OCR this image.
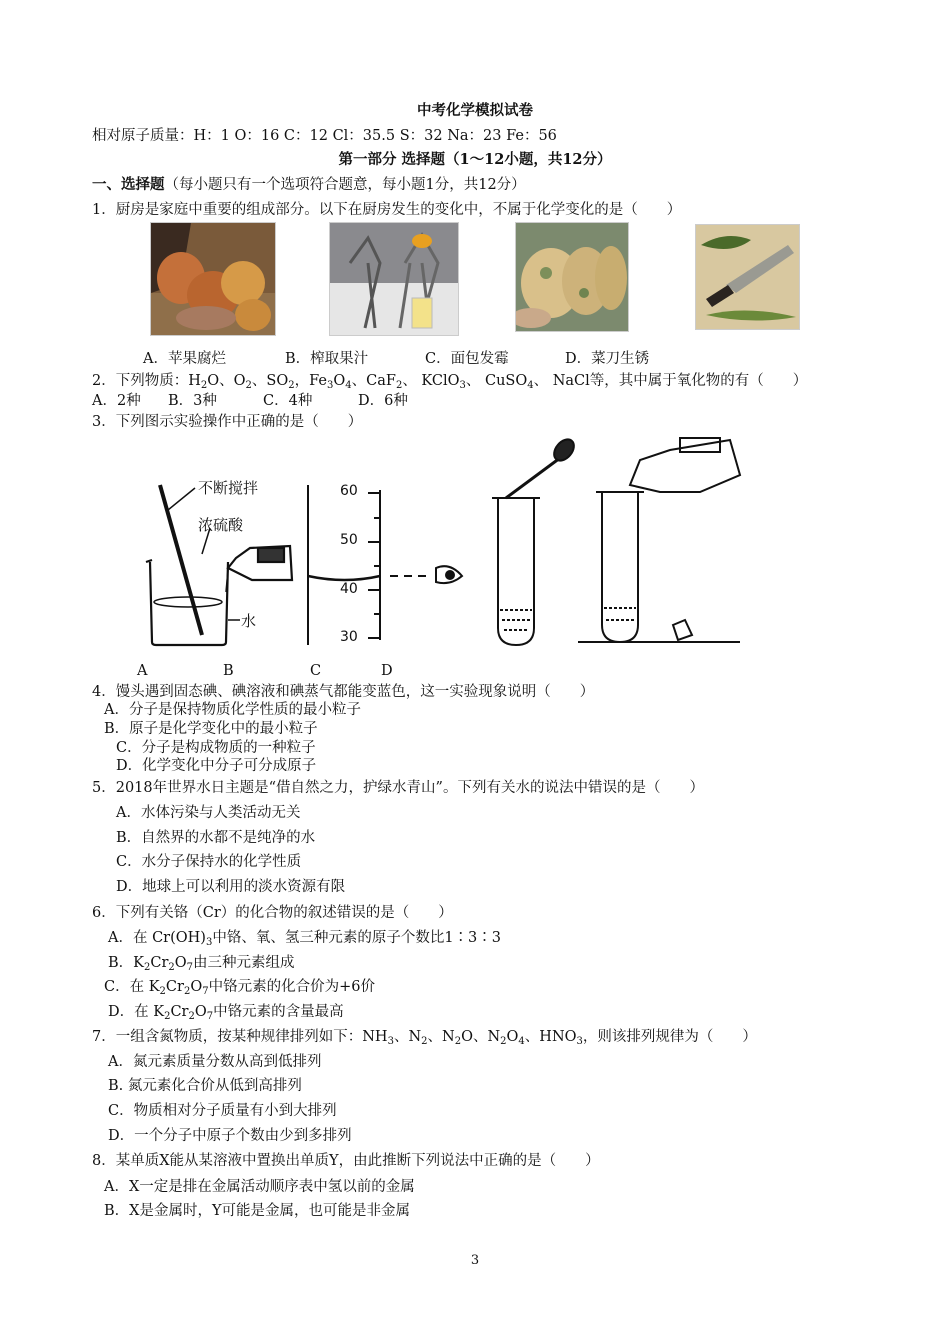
中考化学模拟试卷
相对原子质量：H：1 O：16 C：12 Cl：35.5 S：32 Na：23 Fe：56
第一部分 选择题（1～12小题，共12分）
一、选择题（每小题只有一个选项符合题意，每小题1分，共12分）
1．厨房是家庭中重要的组成部分。以下在厨房发生的变化中，不属于化学变化的是（　　）
A．苹果腐烂	B．榨取果汁	C．面包发霉	D．菜刀生锈
2．下列物质：$H_2O$、$O_2$、$SO_2$，$Fe_3O_4$、CaF$_2$、 KClO$_3$、 CuSO$_4$、 NaCl等，其中属于氧化物的有（　　）
A．2种 B．3种	C．4种	D．6种
3．下列图示实验操作中正确的是（　　）
不断搅拌
浓硫酸
水
60
50
40
30
A	B	C	D
4．馒头遇到固态碘、碘溶液和碘蒸气都能变蓝色，这一实验现象说明（　　）
A．分子是保持物质化学性质的最小粒子
B．原子是化学变化中的最小粒子
C．分子是构成物质的一种粒子
D．化学变化中分子可分成原子
5．2018年世界水日主题是“借自然之力，护绿水青山”。下列有关水的说法中错误的是（　　）
A．水体污染与人类活动无关
B．自然界的水都不是纯净的水
C．水分子保持水的化学性质
D．地球上可以利用的淡水资源有限
6．下列有关铬（Cr）的化合物的叙述错误的是（　　）
A．在 $Cr(OH)_3$中铬、氧、氢三种元素的原子个数比1∶3∶3
B．$K_2Cr_2O_7$由三种元素组成
C．在 $K_2Cr_2O_7$中铬元素的化合价为+6价
D．在 $K_2Cr_2O_7$中铬元素的含量最高
7．一组含氮物质，按某种规律排列如下：$NH_3$、$N_2$、$N_2O$、$N_2O_4$、$HNO_3$，则该排列规律为（　　）
A．氮元素质量分数从高到低排列
B. 氮元素化合价从低到高排列
C．物质相对分子质量有小到大排列
D．一个分子中原子个数由少到多排列
8．某单质X能从某溶液中置换出单质Y，由此推断下列说法中正确的是（　　）
A．X一定是排在金属活动顺序表中氢以前的金属
B．X是金属时，Y可能是金属，也可能是非金属
3
